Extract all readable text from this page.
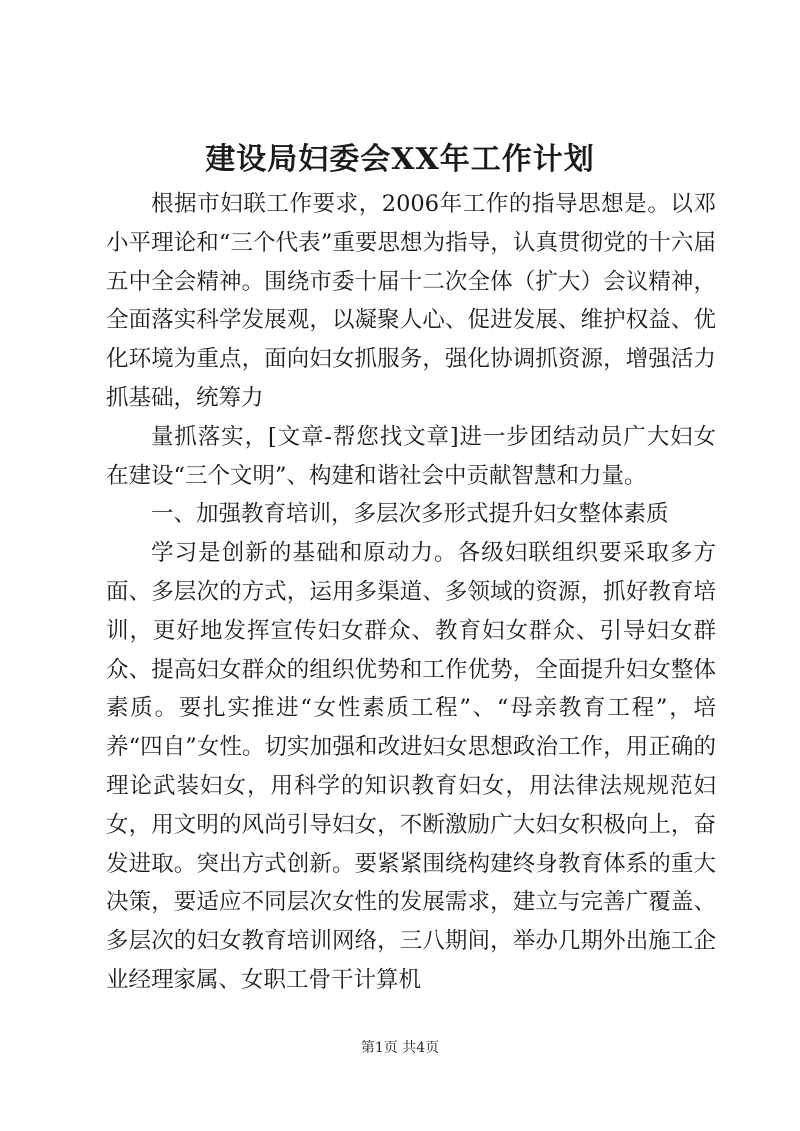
建设局妇委会XX年工作计划

根据市妇联工作要求，2006年工作的指导思想是。以邓小平理论和“三个代表”重要思想为指导，认真贯彻党的十六届五中全会精神。围绕市委十届十二次全体（扩大）会议精神，全面落实科学发展观，以凝聚人心、促进发展、维护权益、优化环境为重点，面向妇女抓服务，强化协调抓资源，增强活力抓基础，统筹力

量抓落实，[文章-帮您找文章]进一步团结动员广大妇女在建设“三个文明”、构建和谐社会中贡献智慧和力量。

一、加强教育培训，多层次多形式提升妇女整体素质

学习是创新的基础和原动力。各级妇联组织要采取多方面、多层次的方式，运用多渠道、多领域的资源，抓好教育培训，更好地发挥宣传妇女群众、教育妇女群众、引导妇女群众、提高妇女群众的组织优势和工作优势，全面提升妇女整体素质。要扎实推进“女性素质工程”、“母亲教育工程”，培养“四自”女性。切实加强和改进妇女思想政治工作，用正确的理论武装妇女，用科学的知识教育妇女，用法律法规规范妇女，用文明的风尚引导妇女，不断激励广大妇女积极向上，奋发进取。突出方式创新。要紧紧围绕构建终身教育体系的重大决策，要适应不同层次女性的发展需求，建立与完善广覆盖、多层次的妇女教育培训网络，三八期间，举办几期外出施工企业经理家属、女职工骨干计算机

第1页 共4页
